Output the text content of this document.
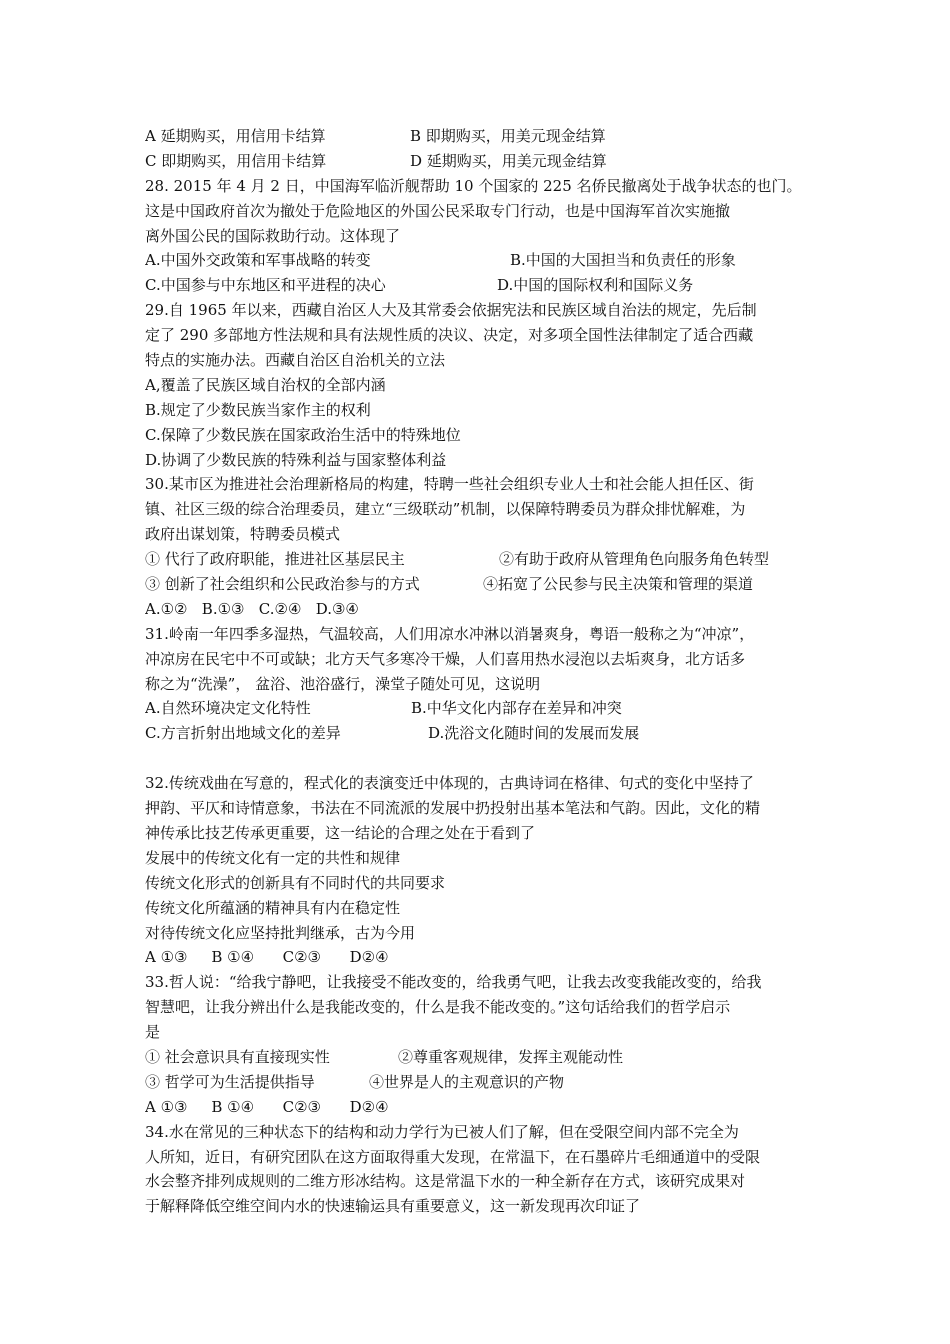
A 延期购买，用信用卡结算	B 即期购买，用美元现金结算
C 即期购买，用信用卡结算	D 延期购买，用美元现金结算
28. 2015 年 4 月 2 日，中国海军临沂舰帮助 10 个国家的 225 名侨民撤离处于战争状态的也门。
这是中国政府首次为撤处于危险地区的外国公民采取专门行动，也是中国海军首次实施撤
离外国公民的国际救助行动。这体现了
A.中国外交政策和军事战略的转变	B.中国的大国担当和负责任的形象
C.中国参与中东地区和平进程的决心	D.中国的国际权利和国际义务
29.自 1965 年以来，西藏自治区人大及其常委会依据宪法和民族区域自治法的规定，先后制
定了 290 多部地方性法规和具有法规性质的决议、决定，对多项全国性法律制定了适合西藏
特点的实施办法。西藏自治区自治机关的立法
A,覆盖了民族区域自治权的全部内涵
B.规定了少数民族当家作主的权利
C.保障了少数民族在国家政治生活中的特殊地位
D.协调了少数民族的特殊利益与国家整体利益
30.某市区为推进社会治理新格局的构建，特聘一些社会组织专业人士和社会能人担任区、街
镇、社区三级的综合治理委员，建立“三级联动”机制，以保障特聘委员为群众排忧解难，为
政府出谋划策，特聘委员模式
① 代行了政府职能，推进社区基层民主	②有助于政府从管理角色向服务角色转型
③ 创新了社会组织和公民政治参与的方式	④拓宽了公民参与民主决策和管理的渠道
A.①②   B.①③   C.②④   D.③④
31.岭南一年四季多湿热，气温较高，人们用凉水冲淋以消暑爽身，粤语一般称之为“冲凉”，
冲凉房在民宅中不可或缺；北方天气多寒冷干燥，人们喜用热水浸泡以去垢爽身，北方话多
称之为“洗澡”， 盆浴、池浴盛行，澡堂子随处可见，这说明
A.自然环境决定文化特性	B.中华文化内部存在差异和冲突
C.方言折射出地域文化的差异	D.洗浴文化随时间的发展而发展
32.传统戏曲在写意的，程式化的表演变迁中体现的，古典诗词在格律、句式的变化中坚持了
押韵、平仄和诗情意象，书法在不同流派的发展中扔投射出基本笔法和气韵。因此，文化的精
神传承比技艺传承更重要，这一结论的合理之处在于看到了
发展中的传统文化有一定的共性和规律
传统文化形式的创新具有不同时代的共同要求
传统文化所蕴涵的精神具有内在稳定性
对待传统文化应坚持批判继承，古为今用
A ①③     B ①④      C②③      D②④
33.哲人说：“给我宁静吧，让我接受不能改变的，给我勇气吧，让我去改变我能改变的，给我
智慧吧，让我分辨出什么是我能改变的，什么是我不能改变的。”这句话给我们的哲学启示
是
① 社会意识具有直接现实性	②尊重客观规律，发挥主观能动性
③ 哲学可为生活提供指导	④世界是人的主观意识的产物
A ①③     B ①④      C②③      D②④
34.水在常见的三种状态下的结构和动力学行为已被人们了解，但在受限空间内部不完全为
人所知，近日，有研究团队在这方面取得重大发现，在常温下，在石墨碎片毛细通道中的受限
水会整齐排列成规则的二维方形冰结构。这是常温下水的一种全新存在方式，该研究成果对
于解释降低空维空间内水的快速输运具有重要意义，这一新发现再次印证了
